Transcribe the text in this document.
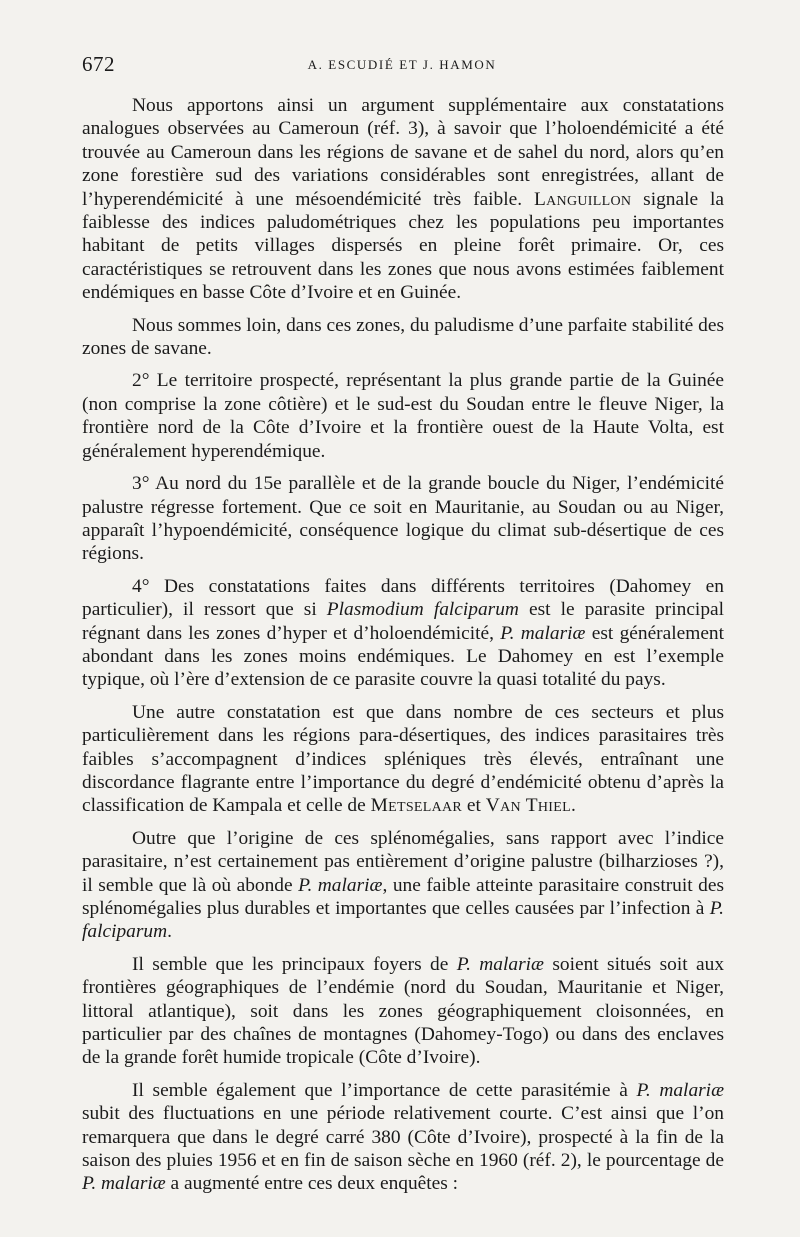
672	A. ESCUDIÉ ET J. HAMON

Nous apportons ainsi un argument supplémentaire aux constatations analogues observées au Cameroun (réf. 3), à savoir que l’holoendémicité a été trouvée au Cameroun dans les régions de savane et de sahel du nord, alors qu’en zone forestière sud des variations considérables sont enregistrées, allant de l’hyperendémicité à une mésoendémicité très faible. Languillon signale la faiblesse des indices paludométriques chez les populations peu importantes habitant de petits villages dispersés en pleine forêt primaire. Or, ces caractéristiques se retrouvent dans les zones que nous avons estimées faiblement endémiques en basse Côte d’Ivoire et en Guinée.

Nous sommes loin, dans ces zones, du paludisme d’une parfaite stabilité des zones de savane.

2° Le territoire prospecté, représentant la plus grande partie de la Guinée (non comprise la zone côtière) et le sud-est du Soudan entre le fleuve Niger, la frontière nord de la Côte d’Ivoire et la frontière ouest de la Haute Volta, est généralement hyperendémique.

3° Au nord du 15e parallèle et de la grande boucle du Niger, l’endémicité palustre régresse fortement. Que ce soit en Mauritanie, au Soudan ou au Niger, apparaît l’hypoendémicité, conséquence logique du climat sub-désertique de ces régions.

4° Des constatations faites dans différents territoires (Dahomey en particulier), il ressort que si Plasmodium falciparum est le parasite principal régnant dans les zones d’hyper et d’holoendémicité, P. malariæ est généralement abondant dans les zones moins endémiques. Le Dahomey en est l’exemple typique, où l’ère d’extension de ce parasite couvre la quasi totalité du pays.

Une autre constatation est que dans nombre de ces secteurs et plus particulièrement dans les régions para-désertiques, des indices parasitaires très faibles s’accompagnent d’indices spléniques très élevés, entraînant une discordance flagrante entre l’importance du degré d’endémicité obtenu d’après la classification de Kampala et celle de Metselaar et Van Thiel.

Outre que l’origine de ces splénomégalies, sans rapport avec l’indice parasitaire, n’est certainement pas entièrement d’origine palustre (bilharzioses ?), il semble que là où abonde P. malariæ, une faible atteinte parasitaire construit des splénomégalies plus durables et importantes que celles causées par l’infection à P. falciparum.

Il semble que les principaux foyers de P. malariæ soient situés soit aux frontières géographiques de l’endémie (nord du Soudan, Mauritanie et Niger, littoral atlantique), soit dans les zones géographiquement cloisonnées, en particulier par des chaînes de montagnes (Dahomey-Togo) ou dans des enclaves de la grande forêt humide tropicale (Côte d’Ivoire).

Il semble également que l’importance de cette parasitémie à P. malariæ subit des fluctuations en une période relativement courte. C’est ainsi que l’on remarquera que dans le degré carré 380 (Côte d’Ivoire), prospecté à la fin de la saison des pluies 1956 et en fin de saison sèche en 1960 (réf. 2), le pourcentage de P. malariæ a augmenté entre ces deux enquêtes :
